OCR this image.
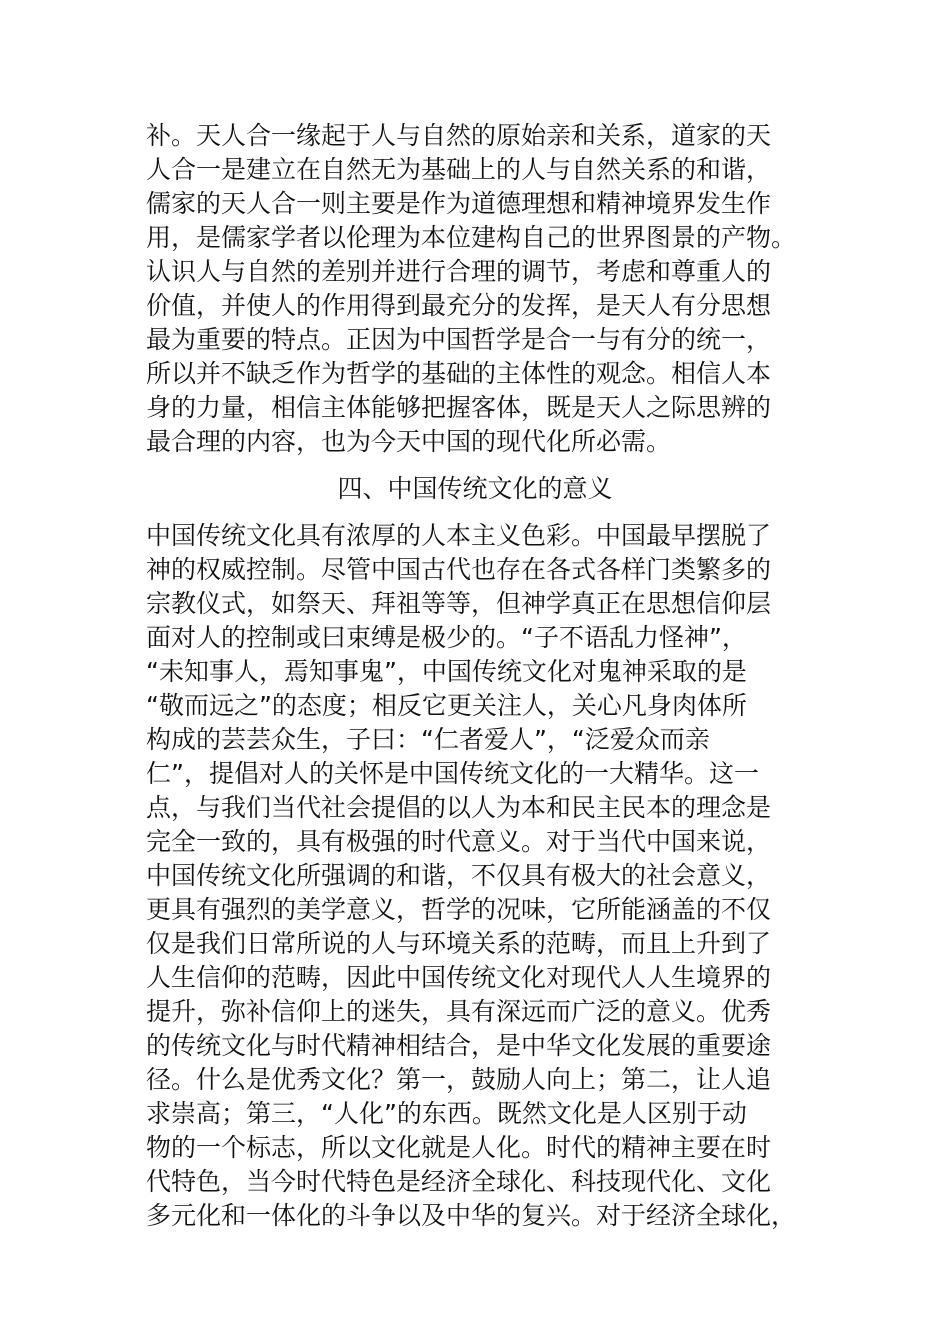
补。天人合一缘起于人与自然的原始亲和关系，道家的天
人合一是建立在自然无为基础上的人与自然关系的和谐，
儒家的天人合一则主要是作为道德理想和精神境界发生作
用，是儒家学者以伦理为本位建构自己的世界图景的产物。
认识人与自然的差别并进行合理的调节，考虑和尊重人的
价值，并使人的作用得到最充分的发挥，是天人有分思想
最为重要的特点。正因为中国哲学是合一与有分的统一，
所以并不缺乏作为哲学的基础的主体性的观念。相信人本
身的力量，相信主体能够把握客体，既是天人之际思辨的
最合理的内容，也为今天中国的现代化所必需。
四、中国传统文化的意义
中国传统文化具有浓厚的人本主义色彩。中国最早摆脱了
神的权威控制。尽管中国古代也存在各式各样门类繁多的
宗教仪式，如祭天、拜祖等等，但神学真正在思想信仰层
面对人的控制或曰束缚是极少的。“子不语乱力怪神”，
“未知事人，焉知事鬼”，中国传统文化对鬼神采取的是
“敬而远之”的态度；相反它更关注人，关心凡身肉体所
构成的芸芸众生，子曰：“仁者爱人”，“泛爱众而亲
仁”，提倡对人的关怀是中国传统文化的一大精华。这一
点，与我们当代社会提倡的以人为本和民主民本的理念是
完全一致的，具有极强的时代意义。对于当代中国来说，
中国传统文化所强调的和谐，不仅具有极大的社会意义，
更具有强烈的美学意义，哲学的况味，它所能涵盖的不仅
仅是我们日常所说的人与环境关系的范畴，而且上升到了
人生信仰的范畴，因此中国传统文化对现代人人生境界的
提升，弥补信仰上的迷失，具有深远而广泛的意义。优秀
的传统文化与时代精神相结合，是中华文化发展的重要途
径。什么是优秀文化？第一，鼓励人向上；第二，让人追
求崇高；第三，“人化”的东西。既然文化是人区别于动
物的一个标志，所以文化就是人化。时代的精神主要在时
代特色，当今时代特色是经济全球化、科技现代化、文化
多元化和一体化的斗争以及中华的复兴。对于经济全球化，
